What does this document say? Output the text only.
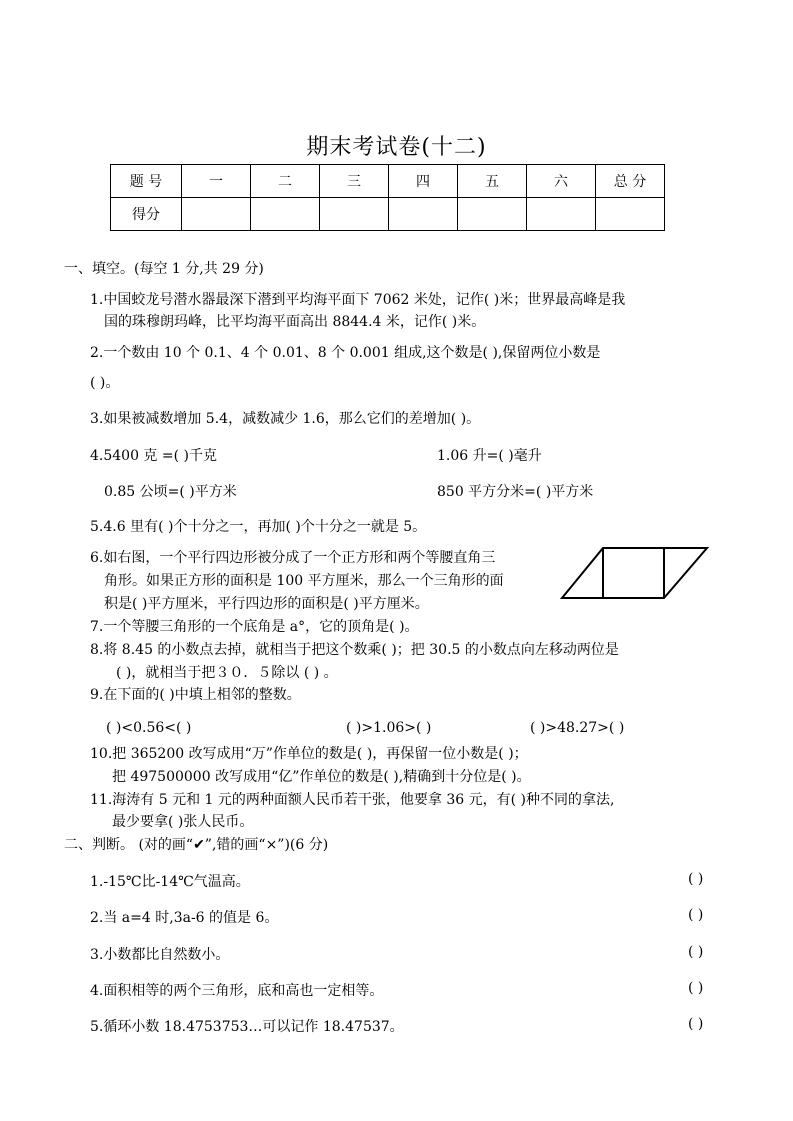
期末考试卷(十二)
题 号	一	二	三	四	五	六	总 分
得分							
一、填空。(每空 1 分,共 29 分)
1.中国蛟龙号潜水器最深下潜到平均海平面下 7062 米处，记作( )米；世界最高峰是我
国的珠穆朗玛峰，比平均海平面高出 8844.4 米，记作( )米。
2.一个数由 10 个 0.1、4 个 0.01、8 个 0.001 组成,这个数是( ),保留两位小数是
( )。
3.如果被减数增加 5.4，减数减少 1.6，那么它们的差增加( )。
4.5400 克 =( )千克	1.06 升=( )毫升
0.85 公顷=( )平方米	850 平方分米=( )平方米
5.4.6 里有( )个十分之一，再加( )个十分之一就是 5。
6.如右图，一个平行四边形被分成了一个正方形和两个等腰直角三
角形。如果正方形的面积是 100 平方厘米，那么一个三角形的面
积是( )平方厘米，平行四边形的面积是( )平方厘米。
7.一个等腰三角形的一个底角是 a°，它的顶角是( )。
8.将 8.45 的小数点去掉，就相当于把这个数乘( )；把 30.5 的小数点向左移动两位是
( )，就相当于把３０．５除以 ( ) 。
9.在下面的( )中填上相邻的整数。
( )<0.56<( )	( )>1.06>( )	( )>48.27>( )
10.把 365200 改写成用“万”作单位的数是( )，再保留一位小数是( )；
把 497500000 改写成用“亿”作单位的数是( ),精确到十分位是( )。
11.海涛有 5 元和 1 元的两种面额人民币若干张，他要拿 36 元，有( )种不同的拿法,
最少要拿( )张人民币。
二、判断。 (对的画“✔”,错的画“×”)(6 分)
1.-15℃比-14℃气温高。	( )
2.当 a=4 时,3a-6 的值是 6。	( )
3.小数都比自然数小。	( )
4.面积相等的两个三角形，底和高也一定相等。	( )
5.循环小数 18.4753753…可以记作 18.47537。	( )
